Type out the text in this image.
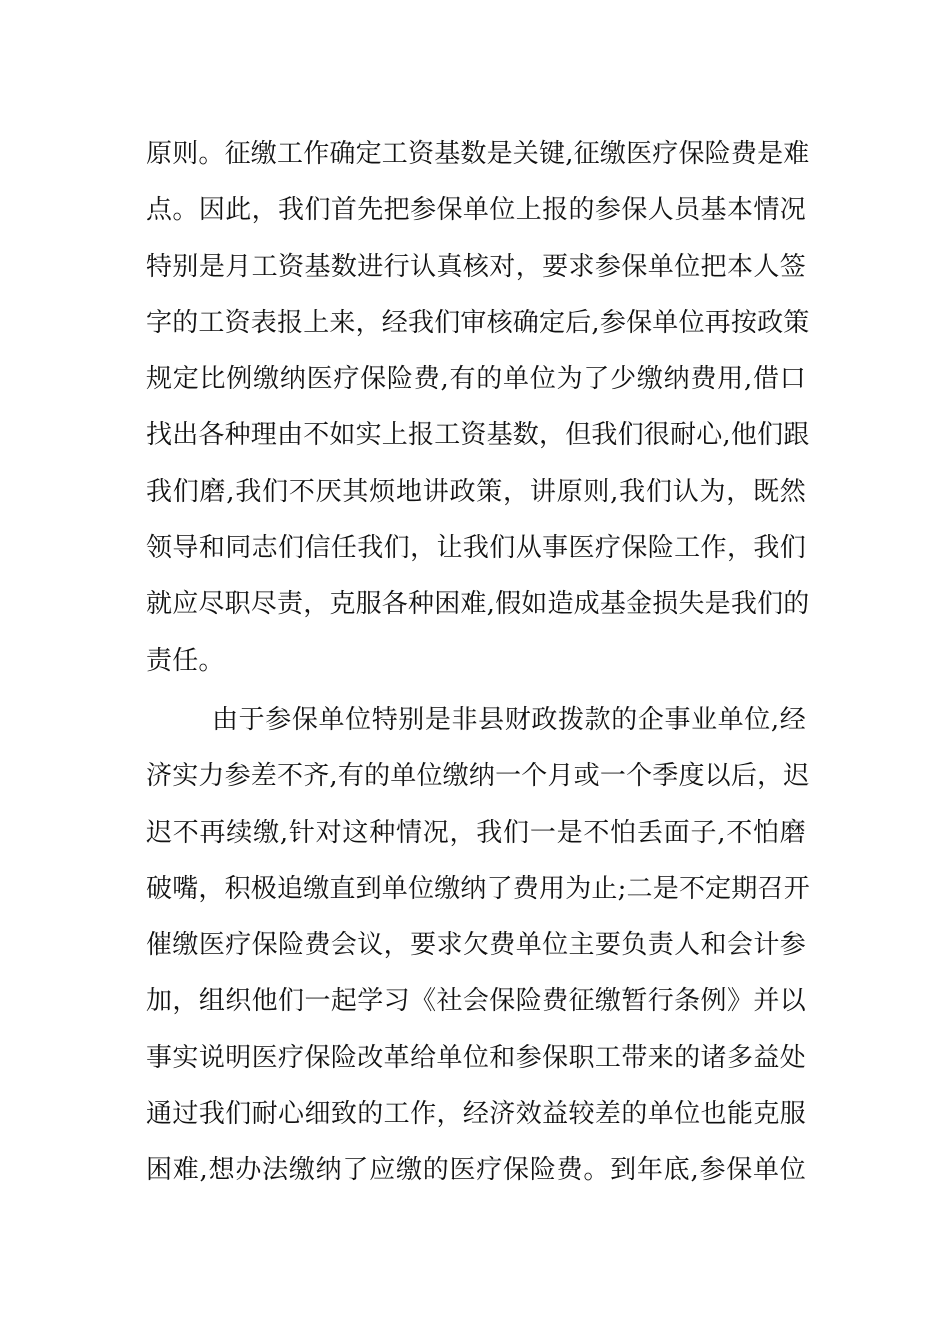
原则。征缴工作确定工资基数是关键,征缴医疗保险费是难
点。因此，我们首先把参保单位上报的参保人员基本情况
特别是月工资基数进行认真核对，要求参保单位把本人签
字的工资表报上来，经我们审核确定后,参保单位再按政策
规定比例缴纳医疗保险费,有的单位为了少缴纳费用,借口
找出各种理由不如实上报工资基数，但我们很耐心,他们跟
我们磨,我们不厌其烦地讲政策，讲原则,我们认为，既然
领导和同志们信任我们，让我们从事医疗保险工作，我们
就应尽职尽责，克服各种困难,假如造成基金损失是我们的
责任。
由于参保单位特别是非县财政拨款的企事业单位,经
济实力参差不齐,有的单位缴纳一个月或一个季度以后，迟
迟不再续缴,针对这种情况，我们一是不怕丢面子,不怕磨
破嘴，积极追缴直到单位缴纳了费用为止;二是不定期召开
催缴医疗保险费会议，要求欠费单位主要负责人和会计参
加，组织他们一起学习《社会保险费征缴暂行条例》并以
事实说明医疗保险改革给单位和参保职工带来的诸多益处
通过我们耐心细致的工作，经济效益较差的单位也能克服
困难,想办法缴纳了应缴的医疗保险费。到年底,参保单位
